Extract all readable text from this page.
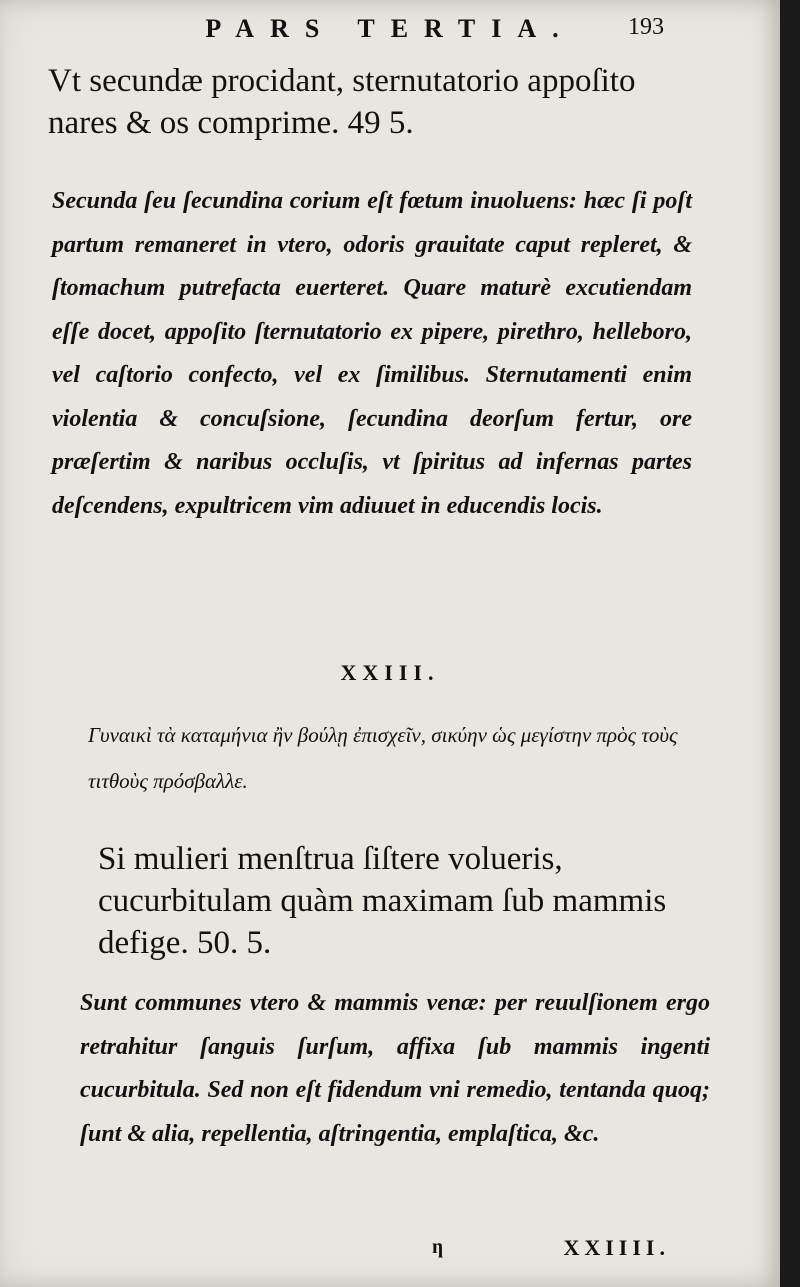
PARS TERTIA.	193
Vt secundæ procidant, sternutatorio appoſito nares & os comprime. 49 5.
Secunda ſeu ſecundina corium eſt fœtum inuoluens: hæc ſi poſt partum remaneret in vtero, odoris grauitate caput repleret, & ſtomachum putrefacta euerteret. Quare maturè excutiendam eſſe docet, appoſito ſternutatorio ex pipere, pirethro, helleboro, vel caſtorio confecto, vel ex ſimilibus. Sternutamenti enim violentia & concuſsione, ſecundina deorſum fertur, ore præſertim & naribus occluſis, vt ſpiritus ad infernas partes deſcendens, expultricem vim adiuuet in educendis locis.
XXIII.
Γυναικὶ τὰ καταμήνια ἢν βούλῃ ἐπισχεῖν, σικύην ὡς μεγίστην πρὸς τοὺς τιτθοὺς πρόσβαλλε.
Si mulieri menſtrua ſiſtere volueris, cucurbitulam quàm maximam ſub mammis defige. 50. 5.
Sunt communes vtero & mammis venæ: per reuulſionem ergo retrahitur ſanguis ſurſum, affixa ſub mammis ingenti cucurbitula. Sed non eſt fidendum vni remedio, tentanda quoq; ſunt & alia, repellentia, aſtringentia, emplaſtica, &c.
ƞ	XXIIII.
